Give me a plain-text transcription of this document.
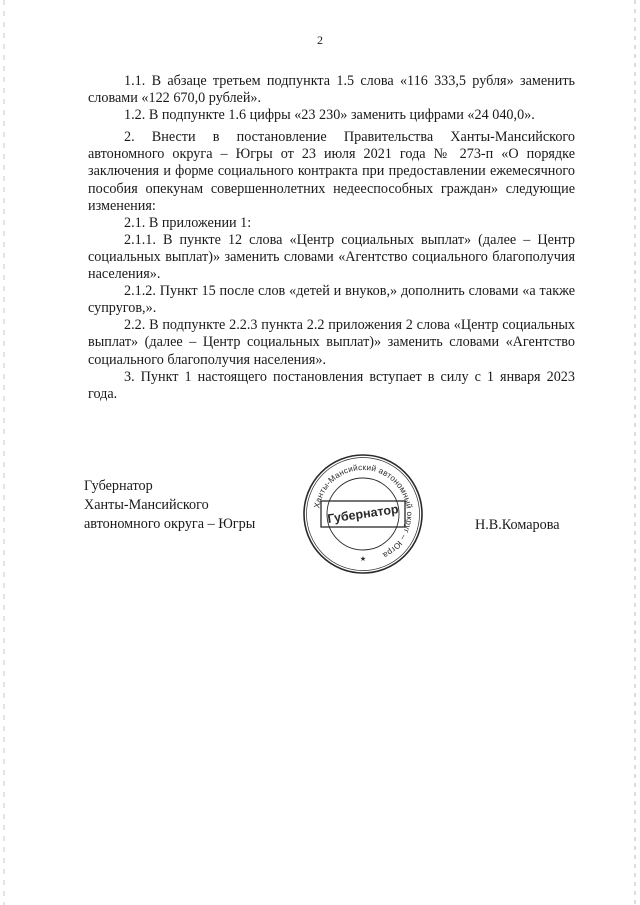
2

1.1. В абзаце третьем подпункта 1.5 слова «116 333,5 рубля» заменить словами «122 670,0 рублей».

1.2. В подпункте 1.6 цифры «23 230» заменить цифрами «24 040,0».

2. Внести в постановление Правительства Ханты-Мансийского автономного округа – Югры от 23 июля 2021 года № 273-п «О порядке заключения и форме социального контракта при предоставлении ежемесячного пособия опекунам совершеннолетних недееспособных граждан» следующие изменения:

2.1. В приложении 1:

2.1.1. В пункте 12 слова «Центр социальных выплат» (далее – Центр социальных выплат)» заменить словами «Агентство социального благополучия населения».

2.1.2. Пункт 15 после слов «детей и внуков,» дополнить словами «а также супругов,».

2.2. В подпункте 2.2.3 пункта 2.2 приложения 2 слова «Центр социальных выплат» (далее – Центр социальных выплат)» заменить словами «Агентство социального благополучия населения».

3. Пункт 1 настоящего постановления вступает в силу с 1 января 2023 года.

Губернатор
Ханты-Мансийского
автономного округа – Югры
Ханты-Мансийский автономный округ – Югра
Губернатор
★
Н.В.Комарова
